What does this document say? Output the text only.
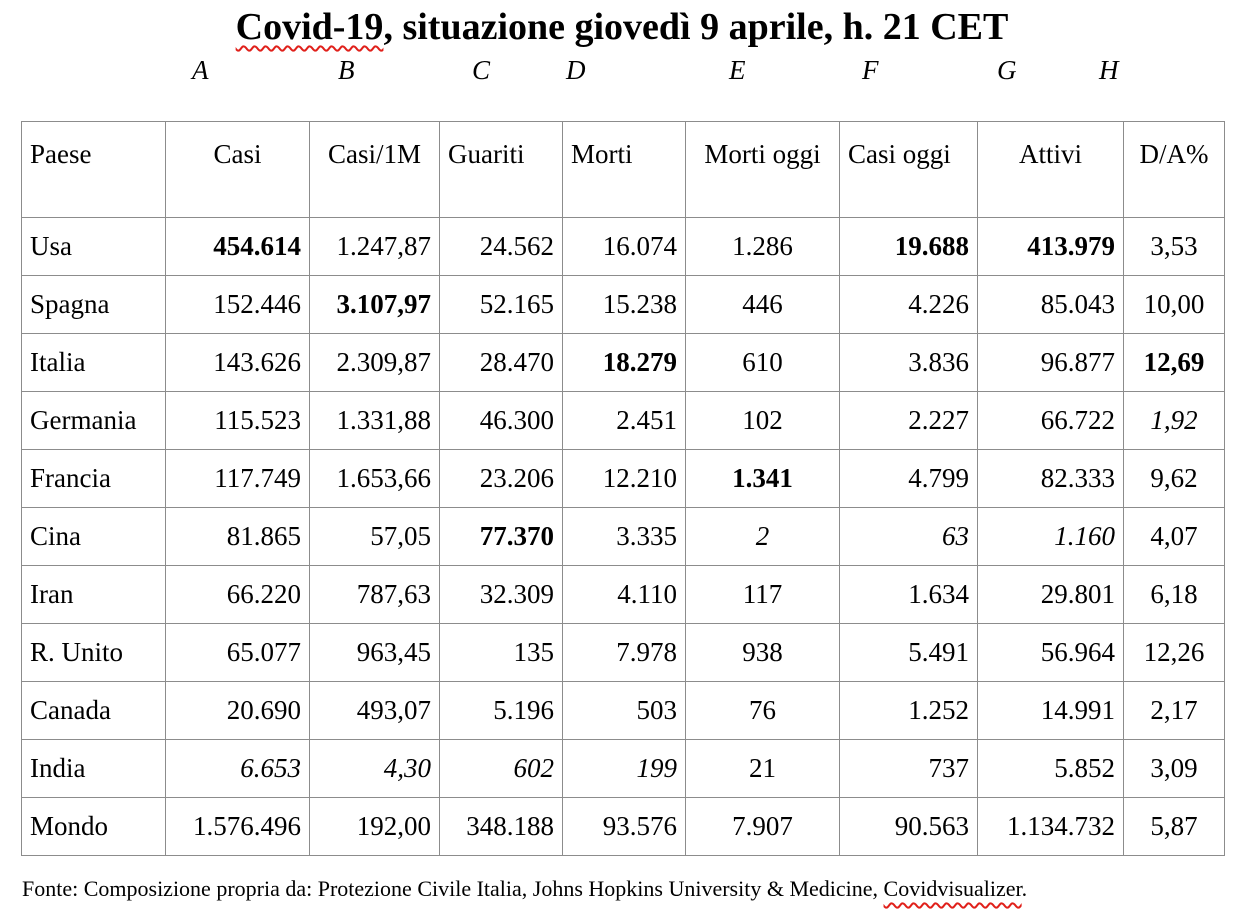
Covid-19, situazione giovedì 9 aprile, h. 21 CET
A	B	C	D	E	F	G	H
Paese	Casi	Casi/1M	Guariti	Morti	Morti oggi	Casi oggi	Attivi	D/A%
Usa	454.614	1.247,87	24.562	16.074	1.286	19.688	413.979	3,53
Spagna	152.446	3.107,97	52.165	15.238	446	4.226	85.043	10,00
Italia	143.626	2.309,87	28.470	18.279	610	3.836	96.877	12,69
Germania	115.523	1.331,88	46.300	2.451	102	2.227	66.722	1,92
Francia	117.749	1.653,66	23.206	12.210	1.341	4.799	82.333	9,62
Cina	81.865	57,05	77.370	3.335	2	63	1.160	4,07
Iran	66.220	787,63	32.309	4.110	117	1.634	29.801	6,18
R. Unito	65.077	963,45	135	7.978	938	5.491	56.964	12,26
Canada	20.690	493,07	5.196	503	76	1.252	14.991	2,17
India	6.653	4,30	602	199	21	737	5.852	3,09
Mondo	1.576.496	192,00	348.188	93.576	7.907	90.563	1.134.732	5,87
Fonte: Composizione propria da: Protezione Civile Italia, Johns Hopkins University & Medicine, Covidvisualizer.
